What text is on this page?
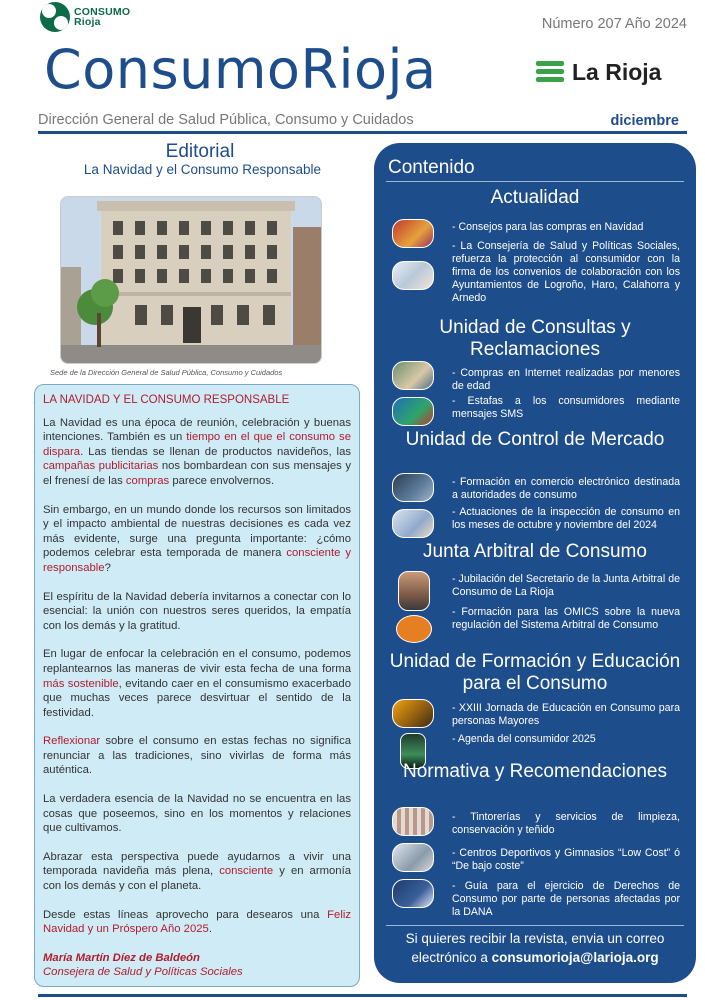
CONSUMO
Rioja	Número 207 Año 2024
ConsumoRioja	La Rioja
Dirección General de Salud Pública, Consumo y Cuidados	diciembre
Editorial
La Navidad y el Consumo Responsable
Sede de la Dirección General de Salud Pública, Consumo y Cuidados
LA NAVIDAD Y EL CONSUMO RESPONSABLE

La Navidad es una época de reunión, celebración y buenas intenciones. También es un tiempo en el que el consumo se dispara. Las tiendas se llenan de productos navideños, las campañas publicitarias nos bombardean con sus mensajes y el frenesí de las compras parece envolvernos.

Sin embargo, en un mundo donde los recursos son limitados y el impacto ambiental de nuestras decisiones es cada vez más evidente, surge una pregunta importante: ¿cómo podemos celebrar esta temporada de manera consciente y responsable?

El espíritu de la Navidad debería invitarnos a conectar con lo esencial: la unión con nuestros seres queridos, la empatía con los demás y la gratitud.

En lugar de enfocar la celebración en el consumo, podemos replantearnos las maneras de vivir esta fecha de una forma más sostenible, evitando caer en el consumismo exacerbado que muchas veces parece desvirtuar el sentido de la festividad.

Reflexionar sobre el consumo en estas fechas no significa renunciar a las tradiciones, sino vivirlas de forma más auténtica.

La verdadera esencia de la Navidad no se encuentra en las cosas que poseemos, sino en los momentos y relaciones que cultivamos.

Abrazar esta perspectiva puede ayudarnos a vivir una temporada navideña más plena, consciente y en armonía con los demás y con el planeta.

Desde estas líneas aprovecho para desearos una Feliz Navidad y un Próspero Año 2025.

María Martín Díez de Baldeón

Consejera de Salud y Políticas Sociales

Contenido
Actualidad
- Consejos para las compras en Navidad
- La Consejería de Salud y Políticas Sociales, refuerza la protección al consumidor con la firma de los convenios de colaboración con los Ayuntamientos de Logroño, Haro, Calahorra y Arnedo
Unidad de Consultas y Reclamaciones
- Compras en Internet realizadas por menores de edad
- Estafas a los consumidores mediante mensajes SMS
Unidad de Control de Mercado
- Formación en comercio electrónico destinada a autoridades de consumo
- Actuaciones de la inspección de consumo en los meses de octubre y noviembre del 2024
Junta Arbitral de Consumo
- Jubilación del Secretario de la Junta Arbitral de Consumo de La Rioja
- Formación para las OMICS sobre la nueva regulación del Sistema Arbitral de Consumo
Unidad de Formación y Educación para el Consumo
- XXIII Jornada de Educación en Consumo para personas Mayores
- Agenda del consumidor 2025
Normativa y Recomendaciones
- Tintorerías y servicios de limpieza, conservación y teñido
- Centros Deportivos y Gimnasios “Low Cost” ó “De bajo coste”
- Guía para el ejercicio de Derechos de Consumo por parte de personas afectadas por la DANA
Si quieres recibir la revista, envia un correo
electrónico a consumorioja@larioja.org
